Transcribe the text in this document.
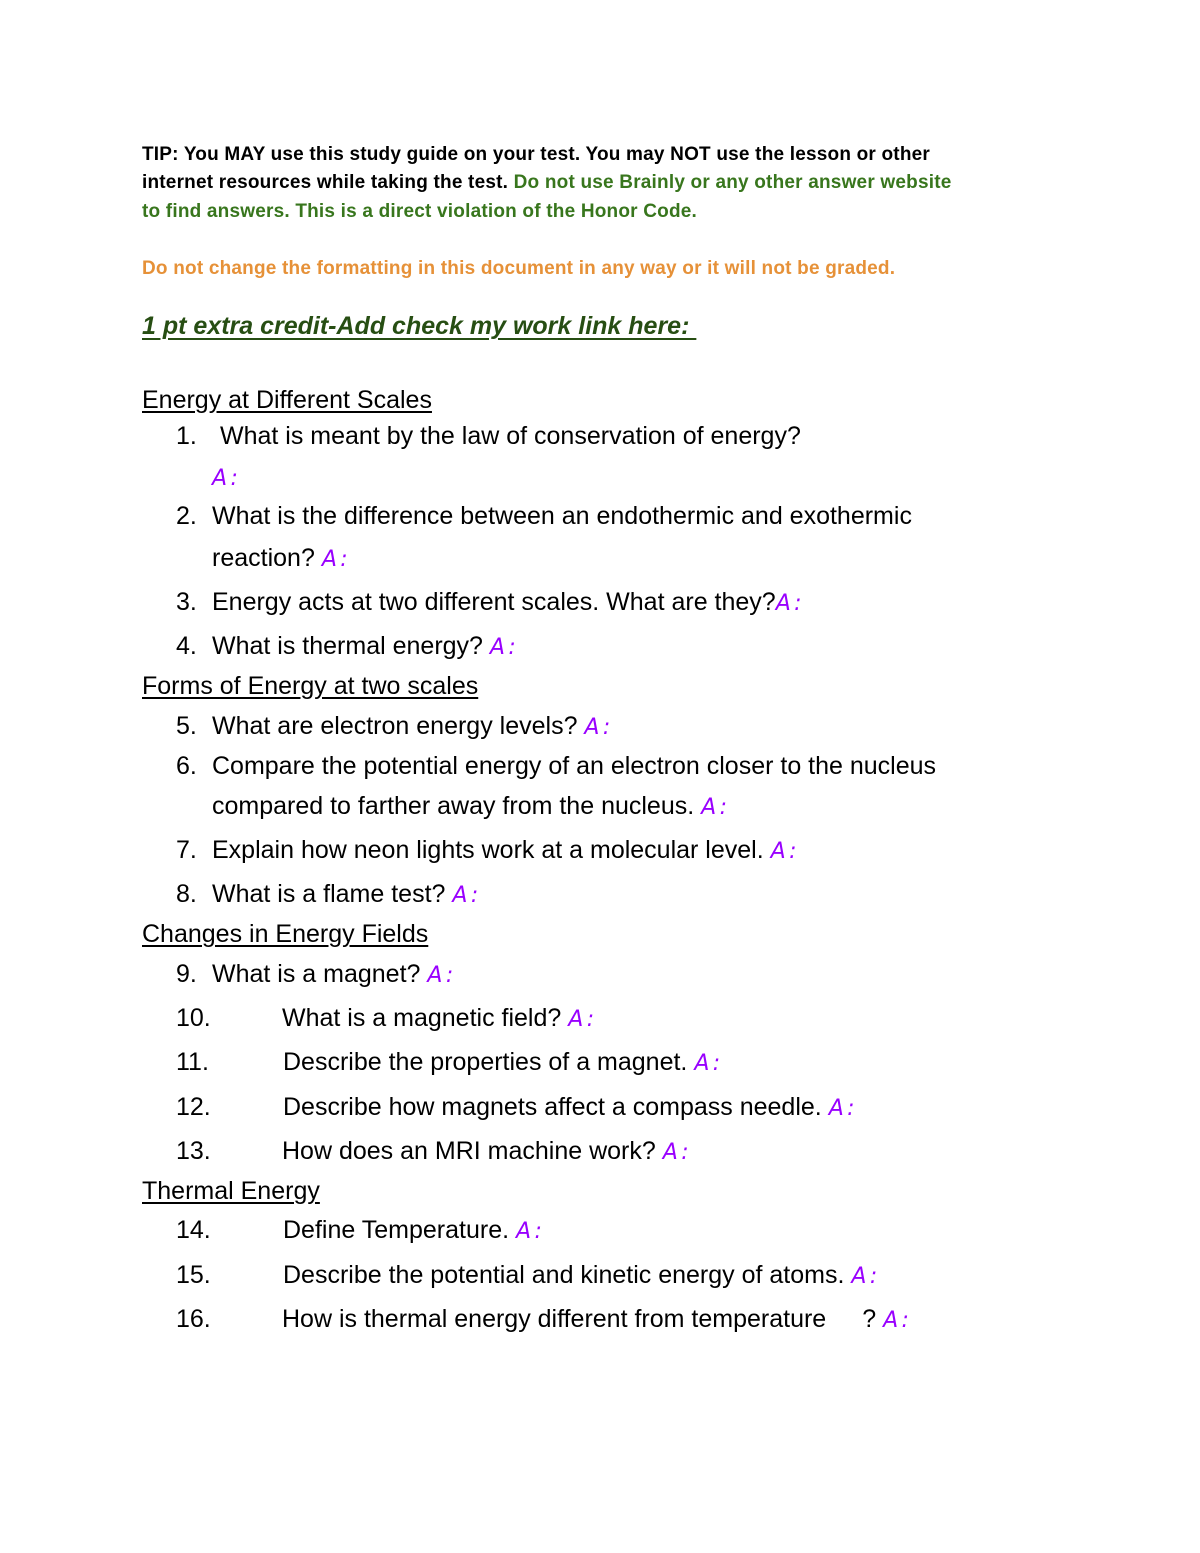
TIP: You MAY use this study guide on your test. You may NOT use the lesson or other
internet resources while taking the test. Do not use Brainly or any other answer website
to find answers. This is a direct violation of the Honor Code.
Do not change the formatting in this document in any way or it will not be graded.
1 pt extra credit-Add check my work link here:
Energy at Different Scales
1. What is meant by the law of conservation of energy?
A:
2. What is the difference between an endothermic and exothermic
reaction? A:
3. Energy acts at two different scales. What are they?A:
4. What is thermal energy? A:
Forms of Energy at two scales
5. What are electron energy levels? A:
6. Compare the potential energy of an electron closer to the nucleus
compared to farther away from the nucleus. A:
7. Explain how neon lights work at a molecular level. A:
8. What is a flame test? A:
Changes in Energy Fields
9. What is a magnet? A:
10.	What is a magnetic field? A:
11.	Describe the properties of a magnet. A:
12.	Describe how magnets affect a compass needle. A:
13.	How does an MRI machine work? A:
Thermal Energy
14.	Define Temperature. A:
15.	Describe the potential and kinetic energy of atoms. A:
16.	How is thermal energy different from temperature ? A:
